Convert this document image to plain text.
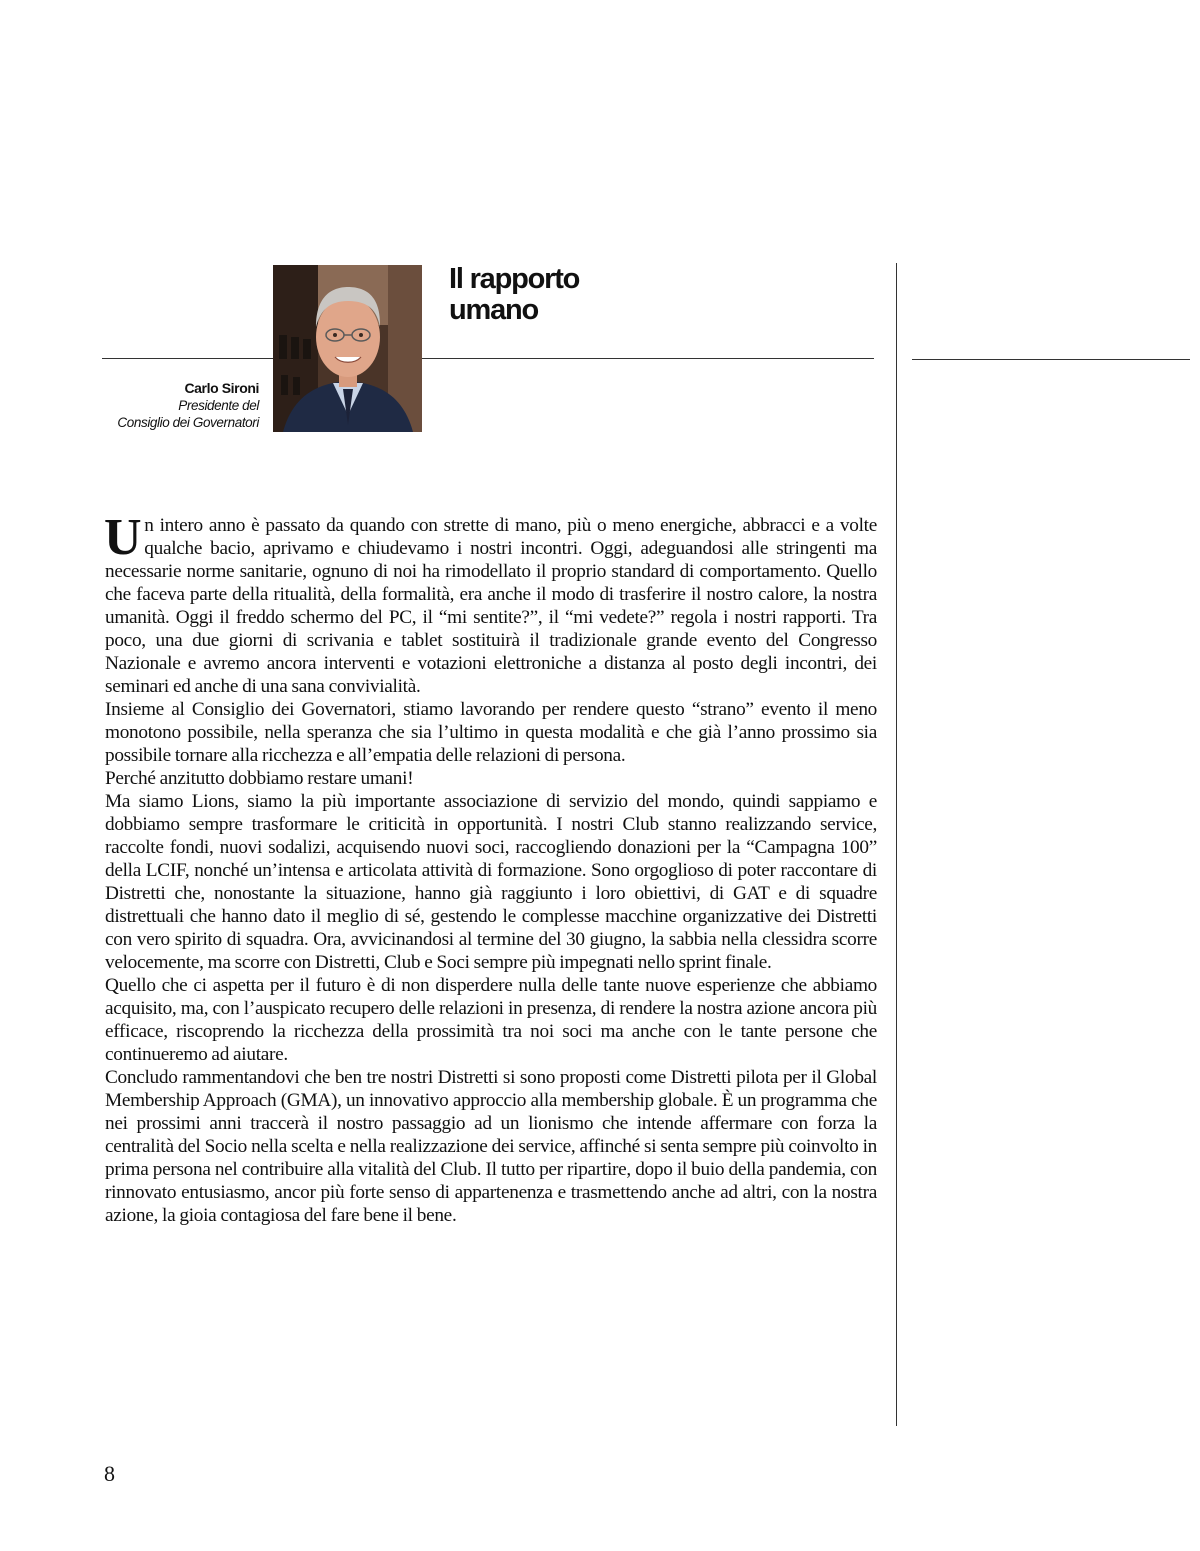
Il rapporto
umano
Carlo Sironi
Presidente del
Consiglio dei Governatori

Un intero anno è passato da quando con strette di mano, più o meno energiche, abbracci e a volte qualche bacio, aprivamo e chiudevamo i nostri incontri. Oggi, adeguandosi alle stringenti ma necessarie norme sanitarie, ognuno di noi ha rimodellato il proprio standard di comportamento. Quello che faceva parte della ritualità, della formalità, era anche il modo di trasferire il nostro calore, la nostra umanità. Oggi il freddo schermo del PC, il “mi sentite?”, il “mi vedete?” regola i nostri rapporti. Tra poco, una due giorni di scrivania e tablet sostituirà il tradizionale grande evento del Congresso Nazionale e avremo ancora interventi e votazioni elettroniche a distanza al posto degli incontri, dei seminari ed anche di una sana convivialità.

Insieme al Consiglio dei Governatori, stiamo lavorando per rendere questo “strano” evento il meno monotono possibile, nella speranza che sia l’ultimo in questa modalità e che già l’anno prossimo sia possibile tornare alla ricchezza e all’empatia delle relazioni di persona.

Perché anzitutto dobbiamo restare umani!

Ma siamo Lions, siamo la più importante associazione di servizio del mondo, quindi sappiamo e dobbiamo sempre trasformare le criticità in opportunità. I nostri Club stanno realizzando service, raccolte fondi, nuovi sodalizi, acquisendo nuovi soci, raccogliendo donazioni per la “Campagna 100” della LCIF, nonché un’intensa e articolata attività di formazione. Sono orgoglioso di poter raccontare di Distretti che, nonostante la situazione, hanno già raggiunto i loro obiettivi, di GAT e di squadre distrettuali che hanno dato il meglio di sé, gestendo le complesse macchine organizzative dei Distretti con vero spirito di squadra. Ora, avvicinandosi al termine del 30 giugno, la sabbia nella clessidra scorre velocemente, ma scorre con Distretti, Club e Soci sempre più impegnati nello sprint finale.

Quello che ci aspetta per il futuro è di non disperdere nulla delle tante nuove esperienze che abbiamo acquisito, ma, con l’auspicato recupero delle relazioni in presenza, di rendere la nostra azione ancora più efficace, riscoprendo la ricchezza della prossimità tra noi soci ma anche con le tante persone che continueremo ad aiutare.

Concludo rammentandovi che ben tre nostri Distretti si sono proposti come Distretti pilota per il Global Membership Approach (GMA), un innovativo approccio alla membership globale. È un programma che nei prossimi anni traccerà il nostro passaggio ad un lionismo che intende affermare con forza la centralità del Socio nella scelta e nella realizzazione dei service, affinché si senta sempre più coinvolto in prima persona nel contribuire alla vitalità del Club. Il tutto per ripartire, dopo il buio della pandemia, con rinnovato entusiasmo, ancor più forte senso di appartenenza e trasmettendo anche ad altri, con la nostra azione, la gioia contagiosa del fare bene il bene.

8
